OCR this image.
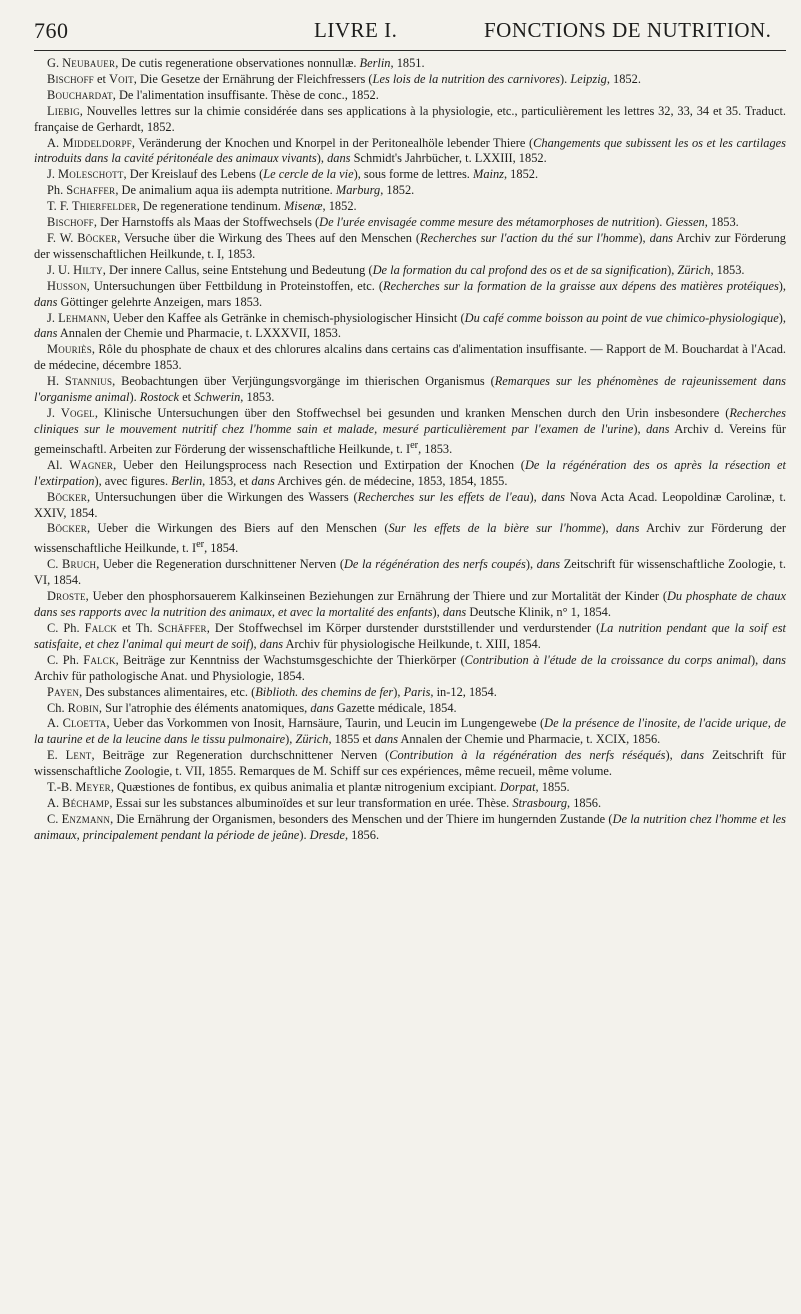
760	LIVRE I.	FONCTIONS DE NUTRITION.

G. Neubauer, De cutis regeneratione observationes nonnullæ. Berlin, 1851.

Bischoff et Voit, Die Gesetze der Ernährung der Fleichfressers (Les lois de la nutrition des carnivores). Leipzig, 1852.

Bouchardat, De l'alimentation insuffisante. Thèse de conc., 1852.

Liebig, Nouvelles lettres sur la chimie considérée dans ses applications à la physiologie, etc., particulièrement les lettres 32, 33, 34 et 35. Traduct. française de Gerhardt, 1852.

A. Middeldorpf, Veränderung der Knochen und Knorpel in der Peritonealhöle lebender Thiere (Changements que subissent les os et les cartilages introduits dans la cavité péritonéale des animaux vivants), dans Schmidt's Jahrbücher, t. LXXIII, 1852.

J. Moleschott, Der Kreislauf des Lebens (Le cercle de la vie), sous forme de lettres. Mainz, 1852.

Ph. Schaffer, De animalium aqua iis adempta nutritione. Marburg, 1852.

T. F. Thierfelder, De regeneratione tendinum. Misenæ, 1852.

Bischoff, Der Harnstoffs als Maas der Stoffwechsels (De l'urée envisagée comme mesure des métamorphoses de nutrition). Giessen, 1853.

F. W. Böcker, Versuche über die Wirkung des Thees auf den Menschen (Recherches sur l'action du thé sur l'homme), dans Archiv zur Förderung der wissenschaftlichen Heilkunde, t. I, 1853.

J. U. Hilty, Der innere Callus, seine Entstehung und Bedeutung (De la formation du cal profond des os et de sa signification), Zürich, 1853.

Husson, Untersuchungen über Fettbildung in Proteinstoffen, etc. (Recherches sur la formation de la graisse aux dépens des matières protéiques), dans Göttinger gelehrte Anzeigen, mars 1853.

J. Lehmann, Ueber den Kaffee als Getränke in chemisch-physiologischer Hinsicht (Du café comme boisson au point de vue chimico-physiologique), dans Annalen der Chemie und Pharmacie, t. LXXXVII, 1853.

Mouriès, Rôle du phosphate de chaux et des chlorures alcalins dans certains cas d'alimentation insuffisante. — Rapport de M. Bouchardat à l'Acad. de médecine, décembre 1853.

H. Stannius, Beobachtungen über Verjüngungsvorgänge im thierischen Organismus (Remarques sur les phénomènes de rajeunissement dans l'organisme animal). Rostock et Schwerin, 1853.

J. Vogel, Klinische Untersuchungen über den Stoffwechsel bei gesunden und kranken Menschen durch den Urin insbesondere (Recherches cliniques sur le mouvement nutritif chez l'homme sain et malade, mesuré particulièrement par l'examen de l'urine), dans Archiv d. Vereins für gemeinschaftl. Arbeiten zur Förderung der wissenschaftliche Heilkunde, t. Ier, 1853.

Al. Wagner, Ueber den Heilungsprocess nach Resection und Extirpation der Knochen (De la régénération des os après la résection et l'extirpation), avec figures. Berlin, 1853, et dans Archives gén. de médecine, 1853, 1854, 1855.

Böcker, Untersuchungen über die Wirkungen des Wassers (Recherches sur les effets de l'eau), dans Nova Acta Acad. Leopoldinæ Carolinæ, t. XXIV, 1854.

Böcker, Ueber die Wirkungen des Biers auf den Menschen (Sur les effets de la bière sur l'homme), dans Archiv zur Förderung der wissenschaftliche Heilkunde, t. Ier, 1854.

C. Bruch, Ueber die Regeneration durschnittener Nerven (De la régénération des nerfs coupés), dans Zeitschrift für wissenschaftliche Zoologie, t. VI, 1854.

Droste, Ueber den phosphorsauerem Kalkinseinen Beziehungen zur Ernährung der Thiere und zur Mortalität der Kinder (Du phosphate de chaux dans ses rapports avec la nutrition des animaux, et avec la mortalité des enfants), dans Deutsche Klinik, n° 1, 1854.

C. Ph. Falck et Th. Schäffer, Der Stoffwechsel im Körper durstender durststillender und verdurstender (La nutrition pendant que la soif est satisfaite, et chez l'animal qui meurt de soif), dans Archiv für physiologische Heilkunde, t. XIII, 1854.

C. Ph. Falck, Beiträge zur Kenntniss der Wachstumsgeschichte der Thierkörper (Contribution à l'étude de la croissance du corps animal), dans Archiv für pathologische Anat. und Physiologie, 1854.

Payen, Des substances alimentaires, etc. (Biblioth. des chemins de fer), Paris, in-12, 1854.

Ch. Robin, Sur l'atrophie des éléments anatomiques, dans Gazette médicale, 1854.

A. Cloetta, Ueber das Vorkommen von Inosit, Harnsäure, Taurin, und Leucin im Lungengewebe (De la présence de l'inosite, de l'acide urique, de la taurine et de la leucine dans le tissu pulmonaire), Zürich, 1855 et dans Annalen der Chemie und Pharmacie, t. XCIX, 1856.

E. Lent, Beiträge zur Regeneration durchschnittener Nerven (Contribution à la régénération des nerfs réséqués), dans Zeitschrift für wissenschaftliche Zoologie, t. VII, 1855. Remarques de M. Schiff sur ces expériences, même recueil, même volume.

T.-B. Meyer, Quæstiones de fontibus, ex quibus animalia et plantæ nitrogenium excipiant. Dorpat, 1855.

A. Béchamp, Essai sur les substances albuminoïdes et sur leur transformation en urée. Thèse. Strasbourg, 1856.

C. Enzmann, Die Ernährung der Organismen, besonders des Menschen und der Thiere im hungernden Zustande (De la nutrition chez l'homme et les animaux, principalement pendant la période de jeûne). Dresde, 1856.
